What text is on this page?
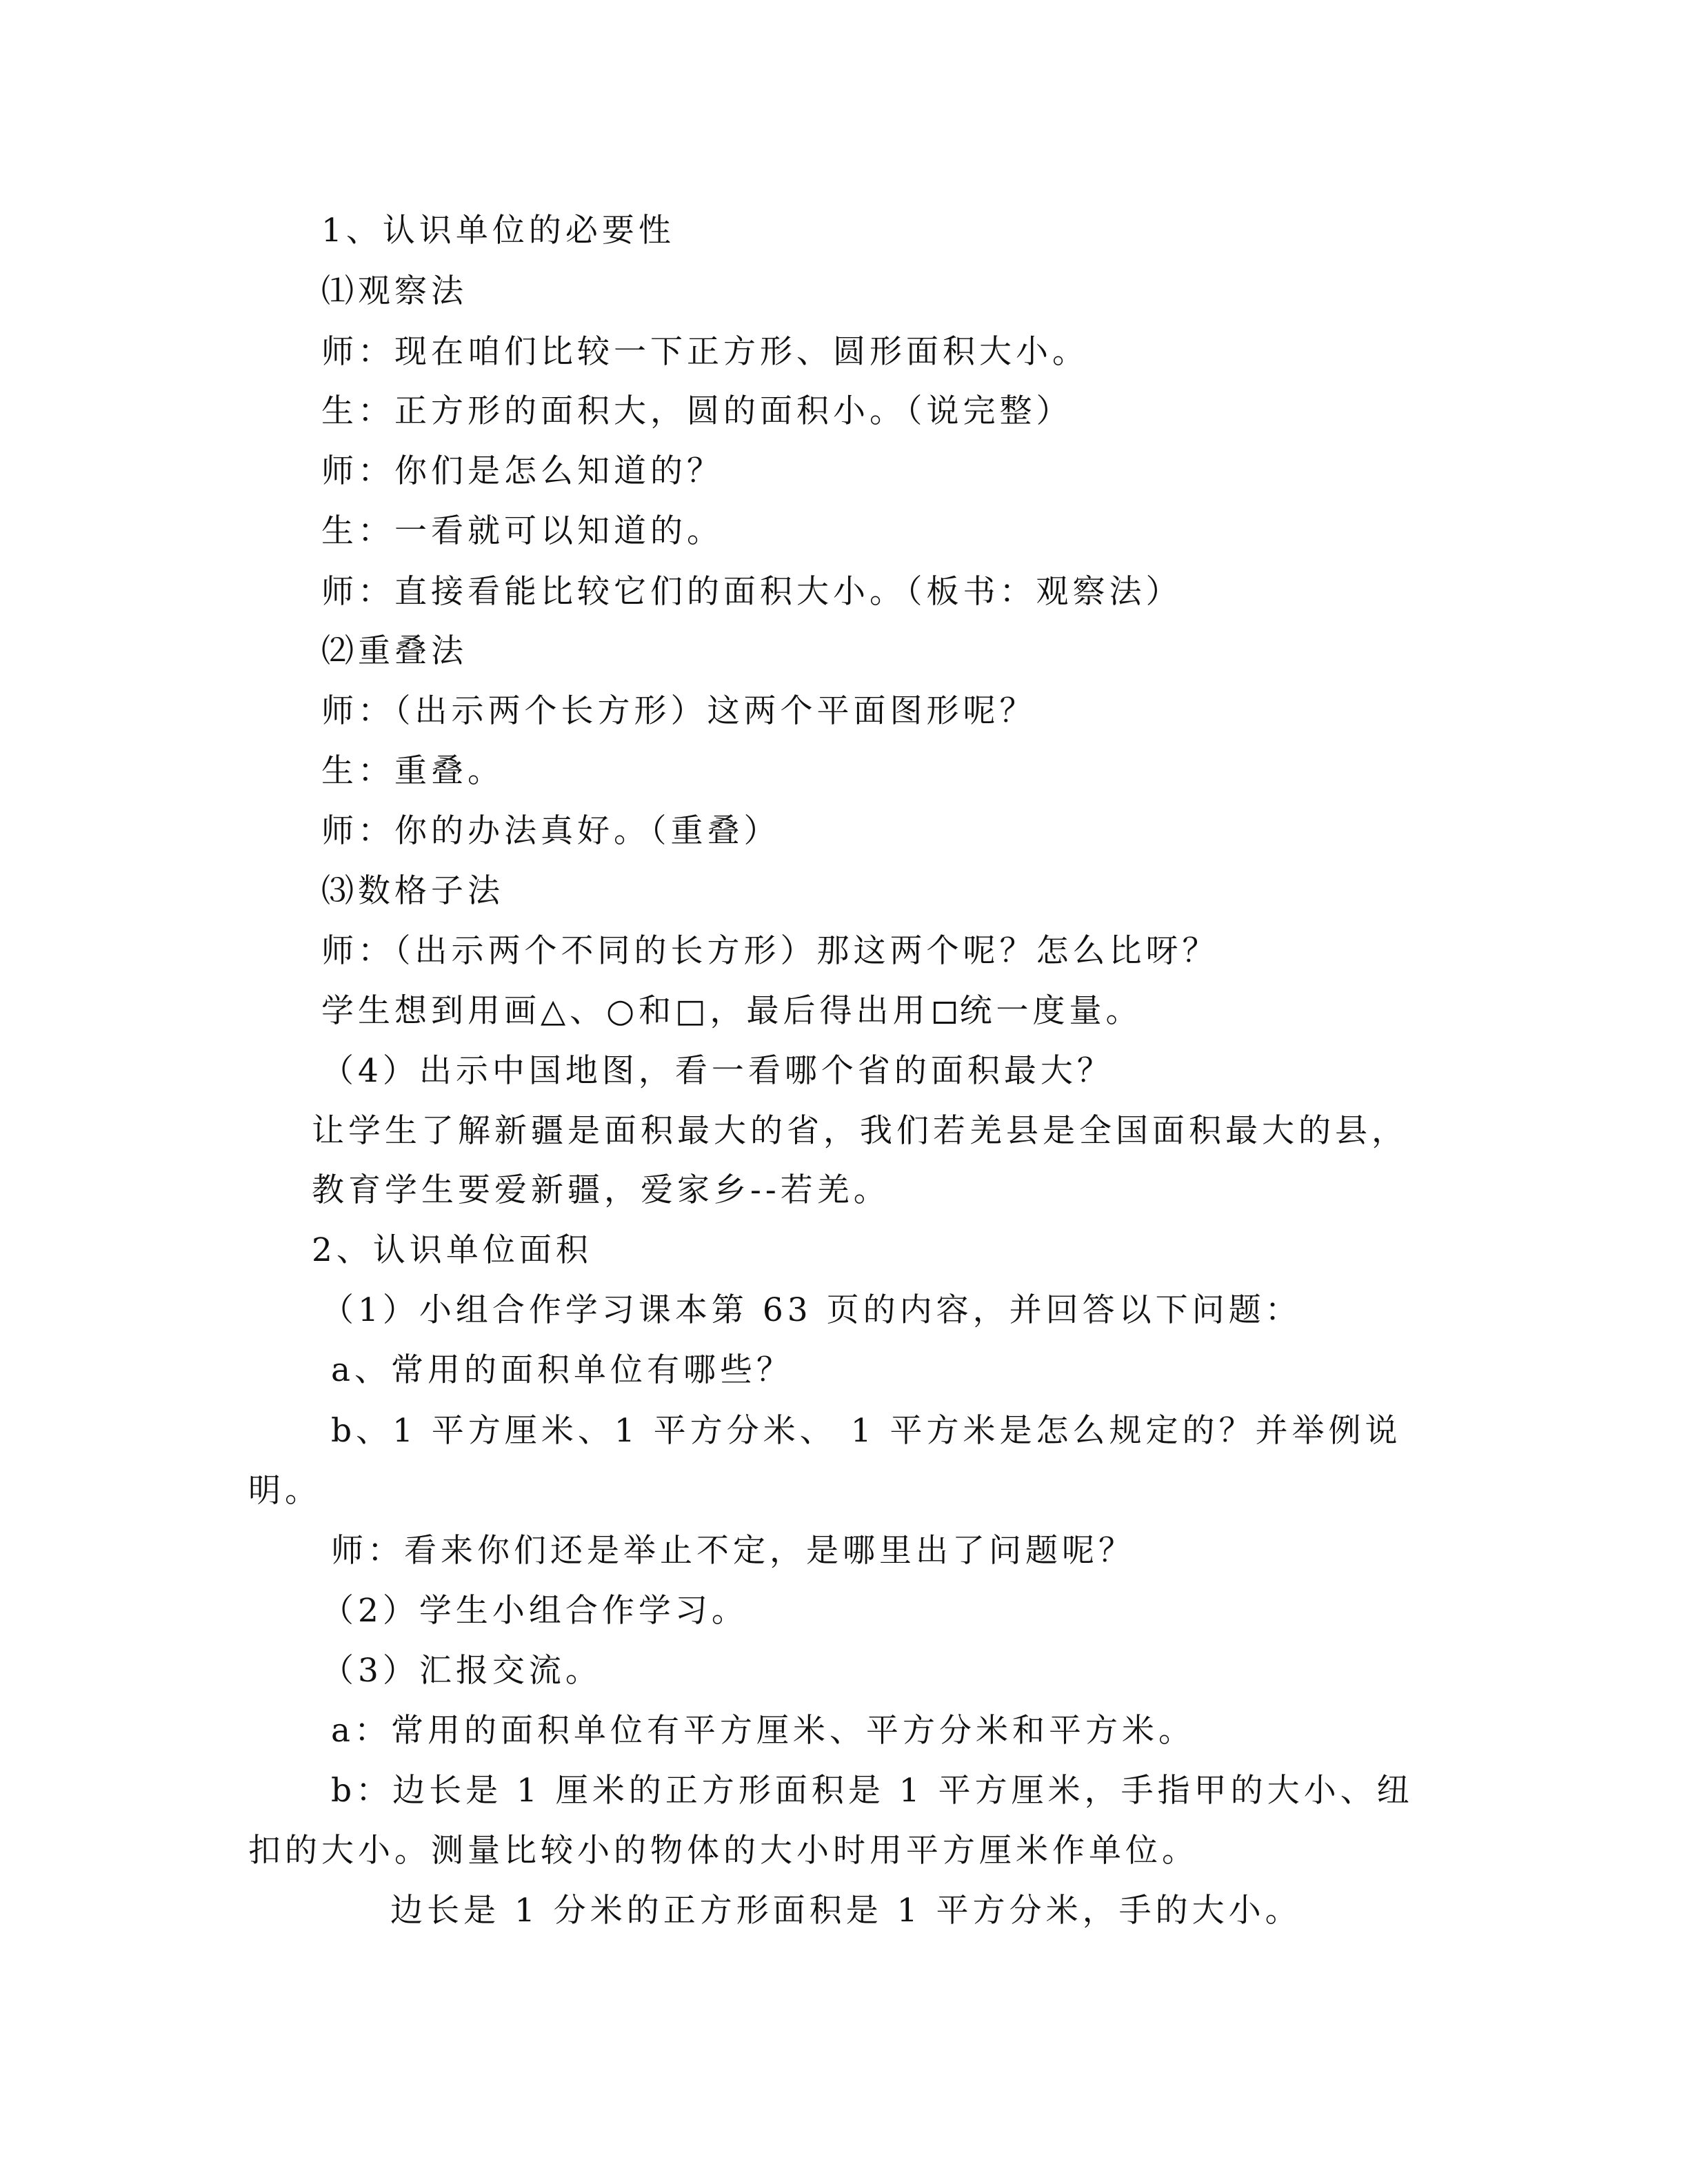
1、认识单位的必要性
⑴观察法
师：现在咱们比较一下正方形、圆形面积大小。
生：正方形的面积大，圆的面积小。（说完整）
师：你们是怎么知道的？
生：一看就可以知道的。
师：直接看能比较它们的面积大小。（板书：观察法）
⑵重叠法
师：（出示两个长方形）这两个平面图形呢？
生：重叠。
师：你的办法真好。（重叠）
⑶数格子法
师：（出示两个不同的长方形）那这两个呢？怎么比呀？
学生想到用画△、○和□，最后得出用 统一度量。
（4）出示中国地图，看一看哪个省的面积最大？
让学生了解新疆是面积最大的省，我们若羌县是全国面积最大的县，
教育学生要爱新疆，爱家乡--若羌。
2、认识单位面积
（1）小组合作学习课本第 63 页的内容，并回答以下问题：
a、常用的面积单位有哪些？
b、1 平方厘米、1 平方分米、 1 平方米是怎么规定的？并举例说
明。
师：看来你们还是举止不定，是哪里出了问题呢？
（2）学生小组合作学习。
（3）汇报交流。
a：常用的面积单位有平方厘米、平方分米和平方米。
b：边长是 1 厘米的正方形面积是 1 平方厘米，手指甲的大小、纽
扣的大小。测量比较小的物体的大小时用平方厘米作单位。
边长是 1 分米的正方形面积是 1 平方分米，手的大小。
